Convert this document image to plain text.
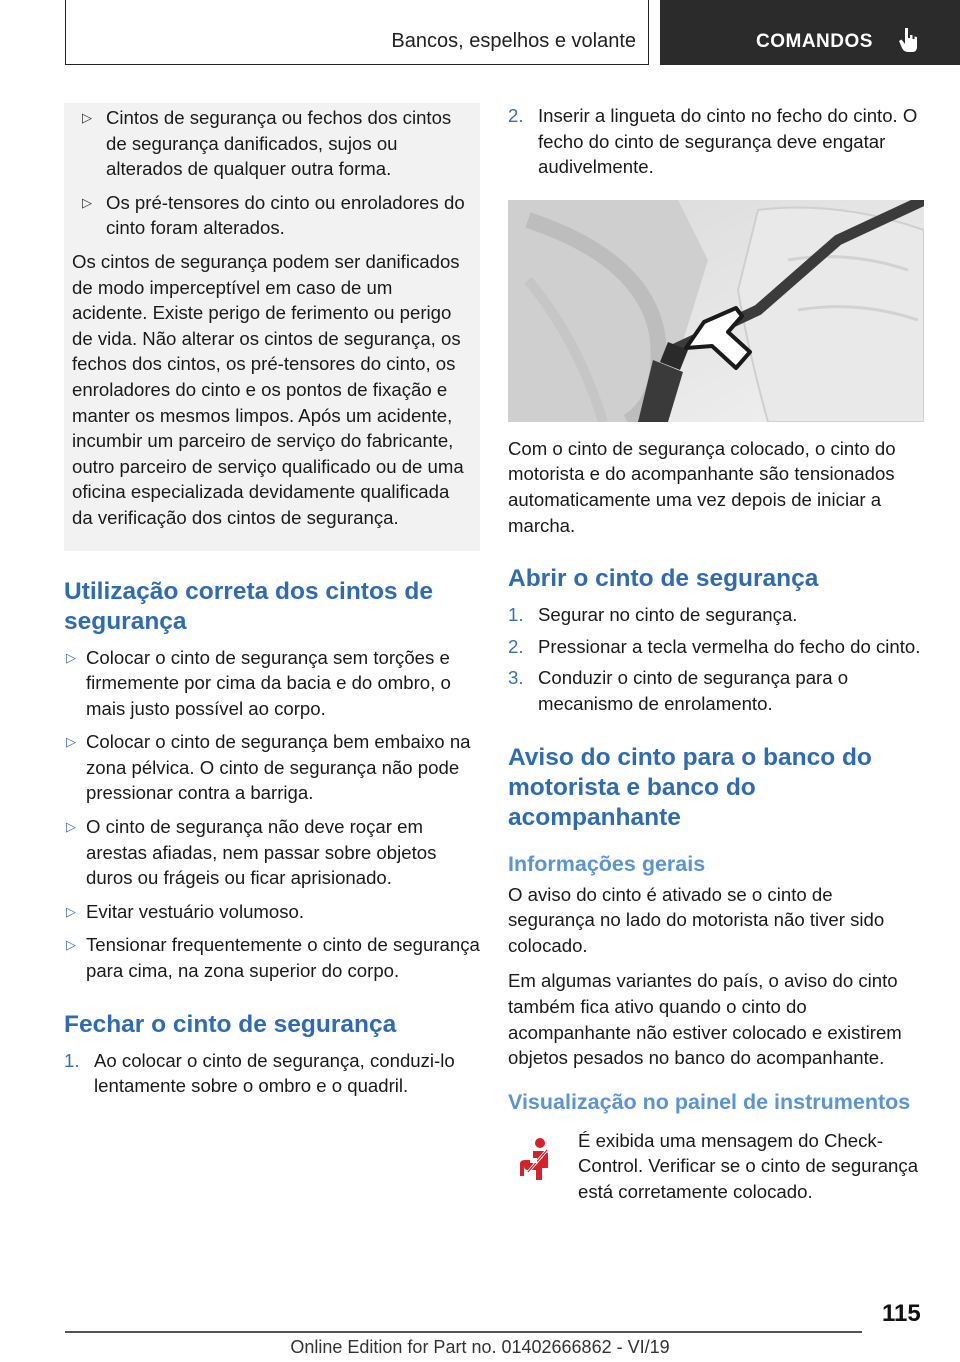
Bancos, espelhos e volante	COMANDOS
▷ Cintos de segurança ou fechos dos cintos de segurança danificados, sujos ou alterados de qualquer outra forma.
▷ Os pré-tensores do cinto ou enroladores do cinto foram alterados.

Os cintos de segurança podem ser danificados de modo imperceptível em caso de um acidente. Existe perigo de ferimento ou perigo de vida. Não alterar os cintos de segurança, os fechos dos cintos, os pré-tensores do cinto, os enroladores do cinto e os pontos de fixação e manter os mesmos limpos. Após um acidente, incumbir um parceiro de serviço do fabricante, outro parceiro de serviço qualificado ou de uma oficina especializada devidamente qualificada da verificação dos cintos de segurança.

Utilização correta dos cintos de segurança
▷ Colocar o cinto de segurança sem torções e firmemente por cima da bacia e do ombro, o mais justo possível ao corpo.
▷ Colocar o cinto de segurança bem embaixo na zona pélvica. O cinto de segurança não pode pressionar contra a barriga.
▷ O cinto de segurança não deve roçar em arestas afiadas, nem passar sobre objetos duros ou frágeis ou ficar aprisionado.
▷ Evitar vestuário volumoso.
▷ Tensionar frequentemente o cinto de segurança para cima, na zona superior do corpo.
Fechar o cinto de segurança
1. Ao colocar o cinto de segurança, conduzi-lo lentamente sobre o ombro e o quadril.
2. Inserir a lingueta do cinto no fecho do cinto. O fecho do cinto de segurança deve engatar audivelmente.

Com o cinto de segurança colocado, o cinto do motorista e do acompanhante são tensionados automaticamente uma vez depois de iniciar a marcha.

Abrir o cinto de segurança
1. Segurar no cinto de segurança.
2. Pressionar a tecla vermelha do fecho do cinto.
3. Conduzir o cinto de segurança para o mecanismo de enrolamento.
Aviso do cinto para o banco do motorista e banco do acompanhante
Informações gerais

O aviso do cinto é ativado se o cinto de segurança no lado do motorista não tiver sido colocado.

Em algumas variantes do país, o aviso do cinto também fica ativo quando o cinto do acompanhante não estiver colocado e existirem objetos pesados no banco do acompanhante.

Visualização no painel de instrumentos

É exibida uma mensagem do Check-Control. Verificar se o cinto de segurança está corretamente colocado.

115
Online Edition for Part no. 01402666862 - VI/19
